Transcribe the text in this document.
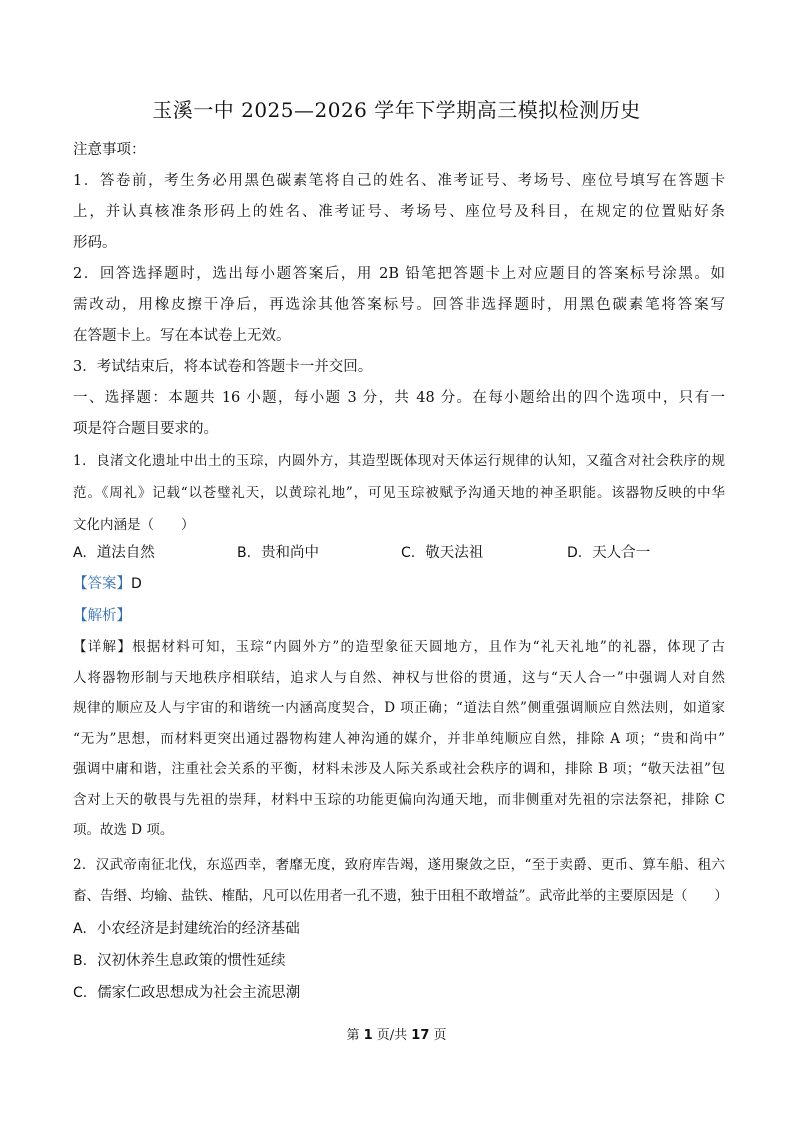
玉溪一中 2025—2026 学年下学期高三模拟检测历史
注意事项：
1．答卷前，考生务必用黑色碳素笔将自己的姓名、准考证号、考场号、座位号填写在答题卡
上，并认真核准条形码上的姓名、准考证号、考场号、座位号及科目，在规定的位置贴好条
形码。
2．回答选择题时，选出每小题答案后，用 2B 铅笔把答题卡上对应题目的答案标号涂黑。如
需改动，用橡皮擦干净后，再选涂其他答案标号。回答非选择题时，用黑色碳素笔将答案写
在答题卡上。写在本试卷上无效。
3．考试结束后，将本试卷和答题卡一并交回。
一、选择题：本题共 16 小题，每小题 3 分，共 48 分。在每小题给出的四个选项中，只有一
项是符合题目要求的。
1．良渚文化遗址中出土的玉琮，内圆外方，其造型既体现对天体运行规律的认知，又蕴含对社会秩序的规
范。《周礼》记载“以苍璧礼天，以黄琮礼地”，可见玉琮被赋予沟通天地的神圣职能。该器物反映的中华
文化内涵是（　　）
A. 道法自然	B. 贵和尚中	C. 敬天法祖	D. 天人合一
【答案】D
【解析】
【详解】根据材料可知，玉琮“内圆外方”的造型象征天圆地方，且作为“礼天礼地”的礼器，体现了古
人将器物形制与天地秩序相联结，追求人与自然、神权与世俗的贯通，这与“天人合一”中强调人对自然
规律的顺应及人与宇宙的和谐统一内涵高度契合，D 项正确；“道法自然”侧重强调顺应自然法则，如道家
“无为”思想，而材料更突出通过器物构建人神沟通的媒介，并非单纯顺应自然，排除 A 项；“贵和尚中”
强调中庸和谐，注重社会关系的平衡，材料未涉及人际关系或社会秩序的调和，排除 B 项；“敬天法祖”包
含对上天的敬畏与先祖的崇拜，材料中玉琮的功能更偏向沟通天地，而非侧重对先祖的宗法祭祀，排除 C
项。故选 D 项。
2．汉武帝南征北伐，东巡西幸，奢靡无度，致府库告竭，遂用聚敛之臣，“至于卖爵、更币、算车船、租六
畜、告缗、均输、盐铁、榷酤，凡可以佐用者一孔不遗，独于田租不敢增益”。武帝此举的主要原因是（　　）
A. 小农经济是封建统治的经济基础
B. 汉初休养生息政策的惯性延续
C. 儒家仁政思想成为社会主流思潮
第 1 页/共 17 页
